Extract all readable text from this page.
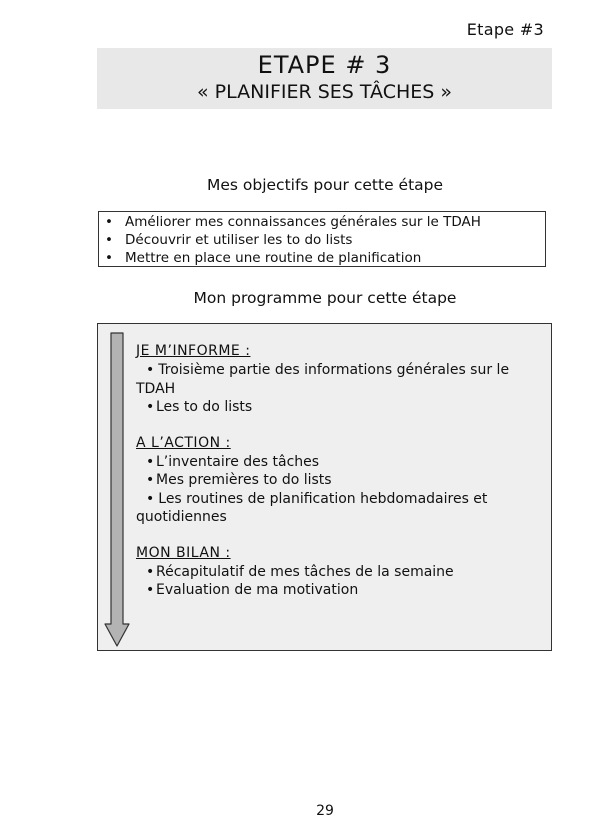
Etape #3
ETAPE # 3
« PLANIFIER SES TÂCHES »
Mes objectifs pour cette étape
• Améliorer mes connaissances générales sur le TDAH
• Découvrir et utiliser les to do lists
• Mettre en place une routine de planification
Mon programme pour cette étape
JE M’INFORME :
• Troisième partie des informations générales sur le TDAH
• Les to do lists
A L’ACTION :
• L’inventaire des tâches
• Mes premières to do lists
• Les routines de planification hebdomadaires et quotidiennes
MON BILAN :
• Récapitulatif de mes tâches de la semaine
• Evaluation de ma motivation
29
